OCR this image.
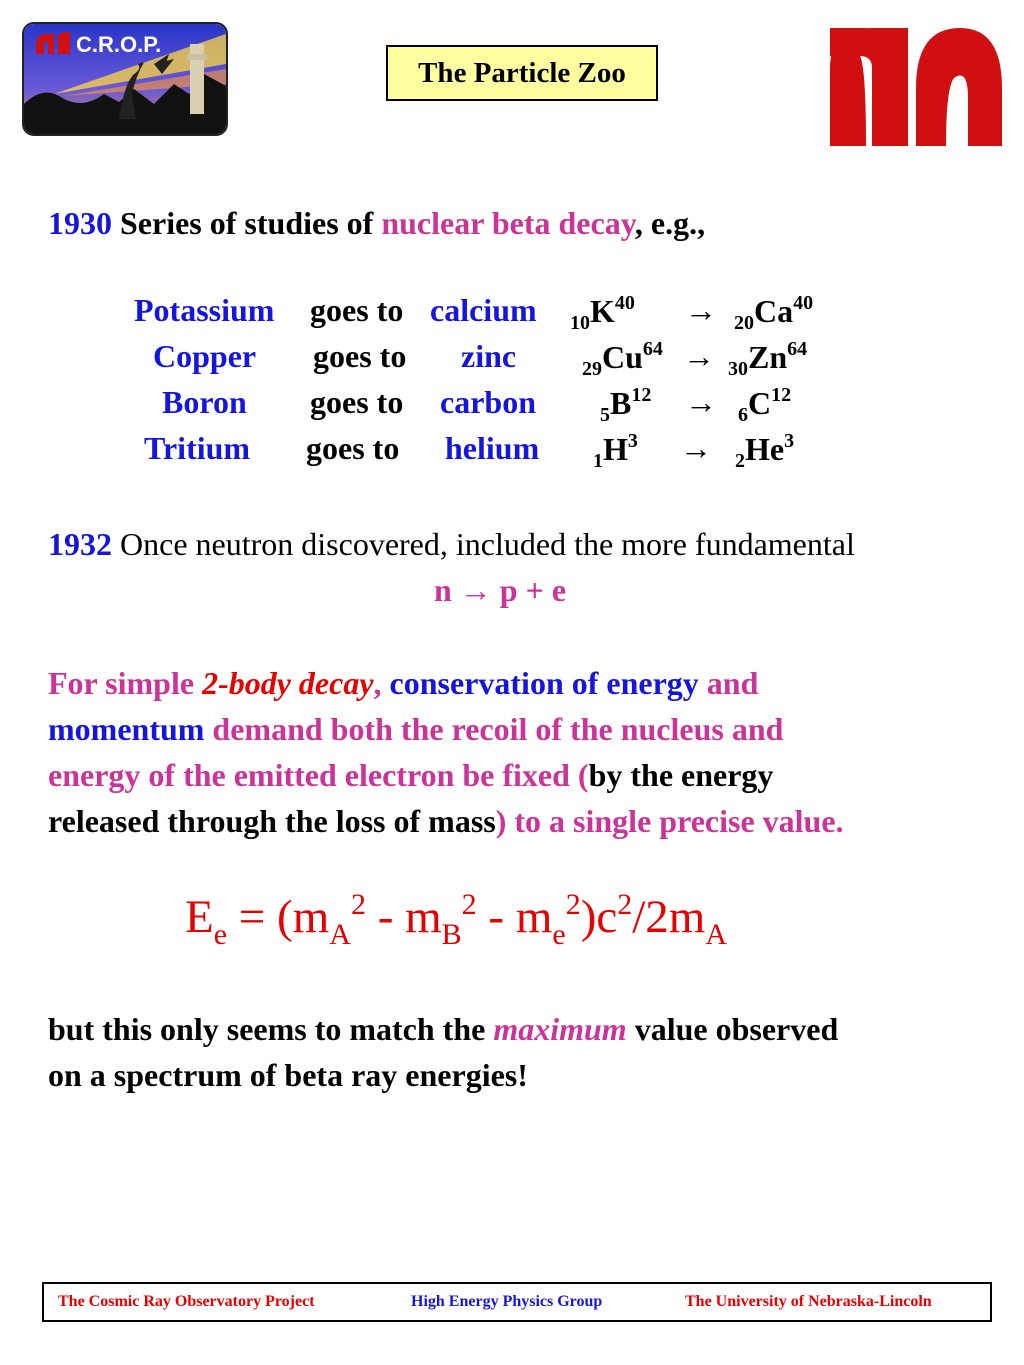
C.R.O.P.
The Particle Zoo
1930 Series of studies of nuclear beta decay, e.g.,
Potassium goes to calcium $_{10}K^{40} \to _{20}Ca^{40}$
Copper goes to zinc	$_{29}Cu^{64} \to _{30}Zn^{64}$
Boron goes to carbon	$_5B^{12} \to _6C^{12}$
Tritium goes to helium	$_1H^3 \to _2He^3$
1932 Once neutron discovered, included the more fundamental
n → p + e
For simple 2-body decay, conservation of energy and
momentum demand both the recoil of the nucleus and
energy of the emitted electron be fixed (by the energy
released through the loss of mass) to a single precise value.
$E_e = (m_A^2 - m_B^2 - m_e^2)c^2/2m_A$
but this only seems to match the maximum value observed
on a spectrum of beta ray energies!
The Cosmic Ray Observatory Project	High Energy Physics Group	The University of Nebraska-Lincoln
